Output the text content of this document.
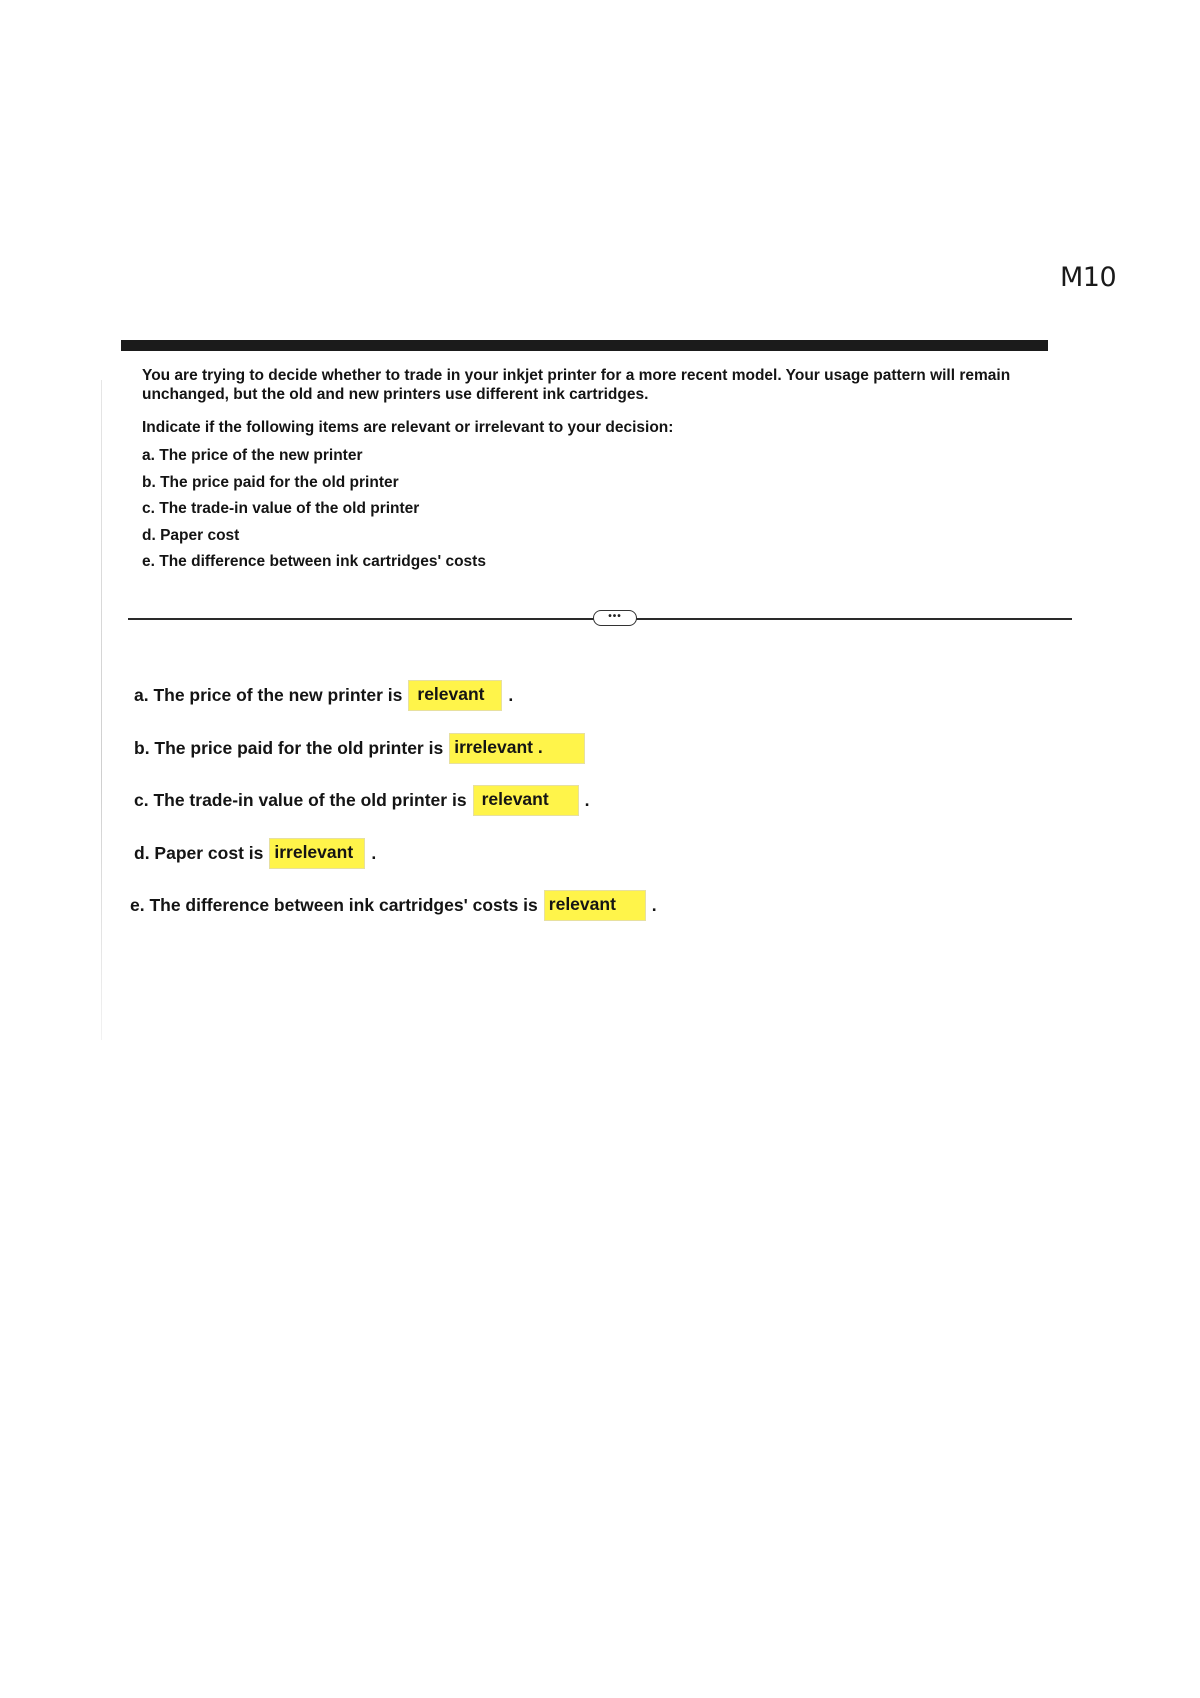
M10

You are trying to decide whether to trade in your inkjet printer for a more recent model. Your usage pattern will remain unchanged, but the old and new printers use different ink cartridges.

Indicate if the following items are relevant or irrelevant to your decision:

a. The price of the new printer
b. The price paid for the old printer
c. The trade-in value of the old printer
d. Paper cost
e. The difference between ink cartridges' costs
•••
a. The price of the new printer is relevant	.
b. The price paid for the old printer is irrelevant .
c. The trade-in value of the old printer is relevant	.
d. Paper cost is irrelevant	.
e. The difference between ink cartridges' costs is relevant	.
